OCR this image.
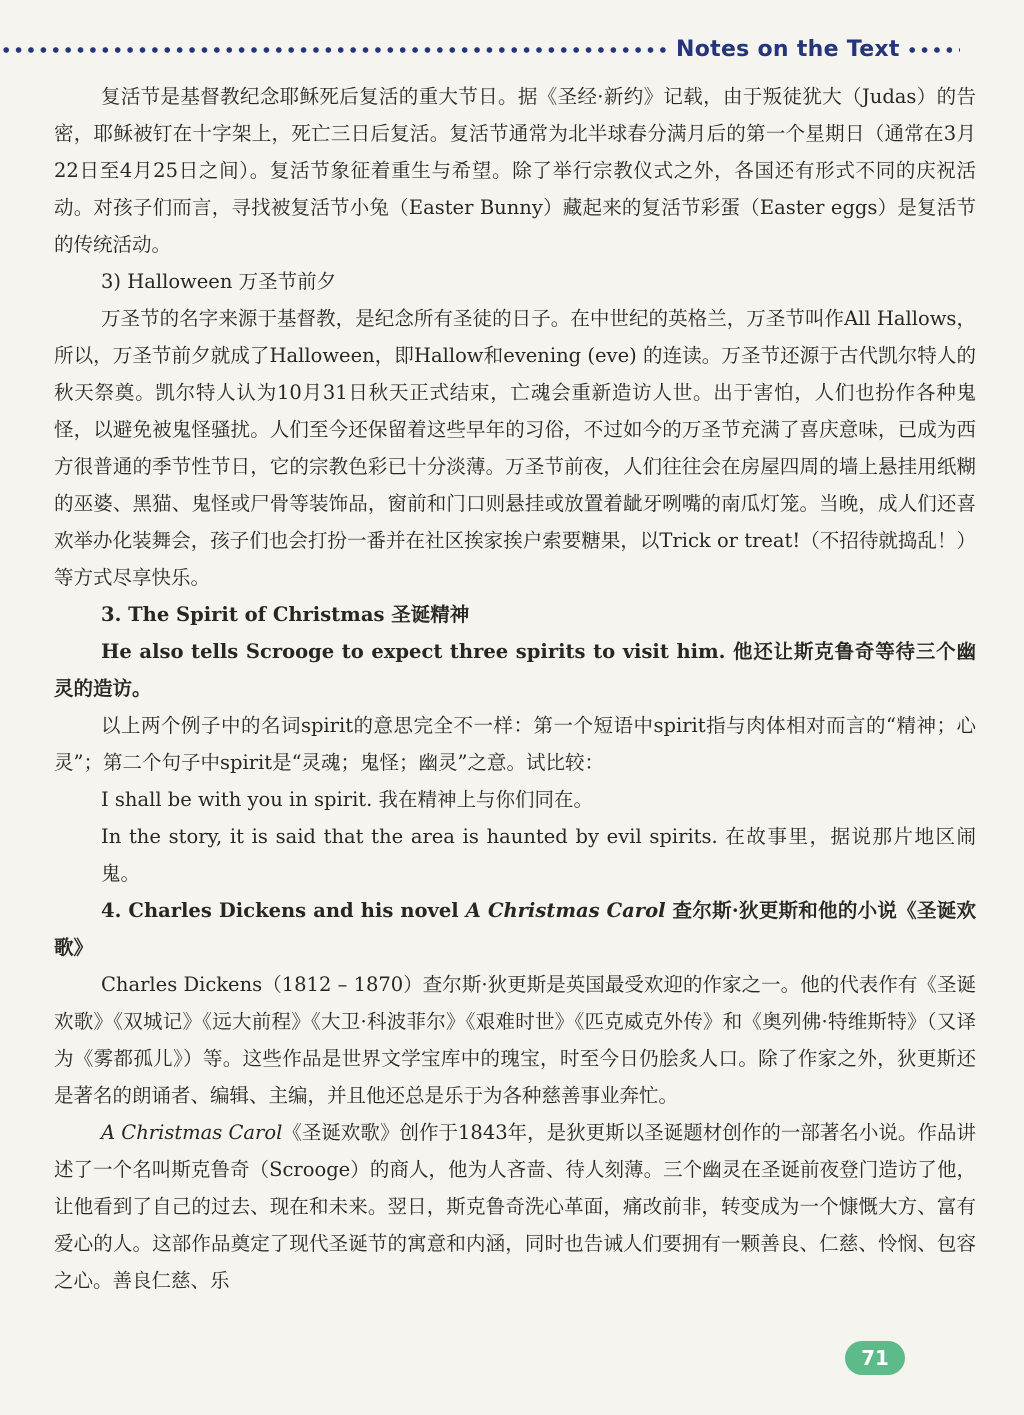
Notes on the Text

复活节是基督教纪念耶稣死后复活的重大节日。据《圣经·新约》记载，由于叛徒犹大（Judas）的告密，耶稣被钉在十字架上，死亡三日后复活。复活节通常为北半球春分满月后的第一个星期日（通常在3月22日至4月25日之间）。复活节象征着重生与希望。除了举行宗教仪式之外，各国还有形式不同的庆祝活动。对孩子们而言，寻找被复活节小兔（Easter Bunny）藏起来的复活节彩蛋（Easter eggs）是复活节的传统活动。

3) Halloween 万圣节前夕

万圣节的名字来源于基督教，是纪念所有圣徒的日子。在中世纪的英格兰，万圣节叫作All Hallows，所以，万圣节前夕就成了Halloween，即Hallow和evening (eve) 的连读。万圣节还源于古代凯尔特人的秋天祭奠。凯尔特人认为10月31日秋天正式结束，亡魂会重新造访人世。出于害怕，人们也扮作各种鬼怪，以避免被鬼怪骚扰。人们至今还保留着这些早年的习俗，不过如今的万圣节充满了喜庆意味，已成为西方很普通的季节性节日，它的宗教色彩已十分淡薄。万圣节前夜，人们往往会在房屋四周的墙上悬挂用纸糊的巫婆、黑猫、鬼怪或尸骨等装饰品，窗前和门口则悬挂或放置着龇牙咧嘴的南瓜灯笼。当晚，成人们还喜欢举办化装舞会，孩子们也会打扮一番并在社区挨家挨户索要糖果，以Trick or treat!（不招待就捣乱！）等方式尽享快乐。

3. The Spirit of Christmas 圣诞精神

He also tells Scrooge to expect three spirits to visit him. 他还让斯克鲁奇等待三个幽灵的造访。

以上两个例子中的名词spirit的意思完全不一样：第一个短语中spirit指与肉体相对而言的“精神；心灵”；第二个句子中spirit是“灵魂；鬼怪；幽灵”之意。试比较：

I shall be with you in spirit. 我在精神上与你们同在。

In the story, it is said that the area is haunted by evil spirits. 在故事里，据说那片地区闹鬼。

4. Charles Dickens and his novel A Christmas Carol 查尔斯·狄更斯和他的小说《圣诞欢歌》

Charles Dickens（1812 – 1870）查尔斯·狄更斯是英国最受欢迎的作家之一。他的代表作有《圣诞欢歌》《双城记》《远大前程》《大卫·科波菲尔》《艰难时世》《匹克威克外传》和《奥列佛·特维斯特》（又译为《雾都孤儿》）等。这些作品是世界文学宝库中的瑰宝，时至今日仍脍炙人口。除了作家之外，狄更斯还是著名的朗诵者、编辑、主编，并且他还总是乐于为各种慈善事业奔忙。

A Christmas Carol《圣诞欢歌》创作于1843年，是狄更斯以圣诞题材创作的一部著名小说。作品讲述了一个名叫斯克鲁奇（Scrooge）的商人，他为人吝啬、待人刻薄。三个幽灵在圣诞前夜登门造访了他，让他看到了自己的过去、现在和未来。翌日，斯克鲁奇洗心革面，痛改前非，转变成为一个慷慨大方、富有爱心的人。这部作品奠定了现代圣诞节的寓意和内涵，同时也告诫人们要拥有一颗善良、仁慈、怜悯、包容之心。善良仁慈、乐

71
